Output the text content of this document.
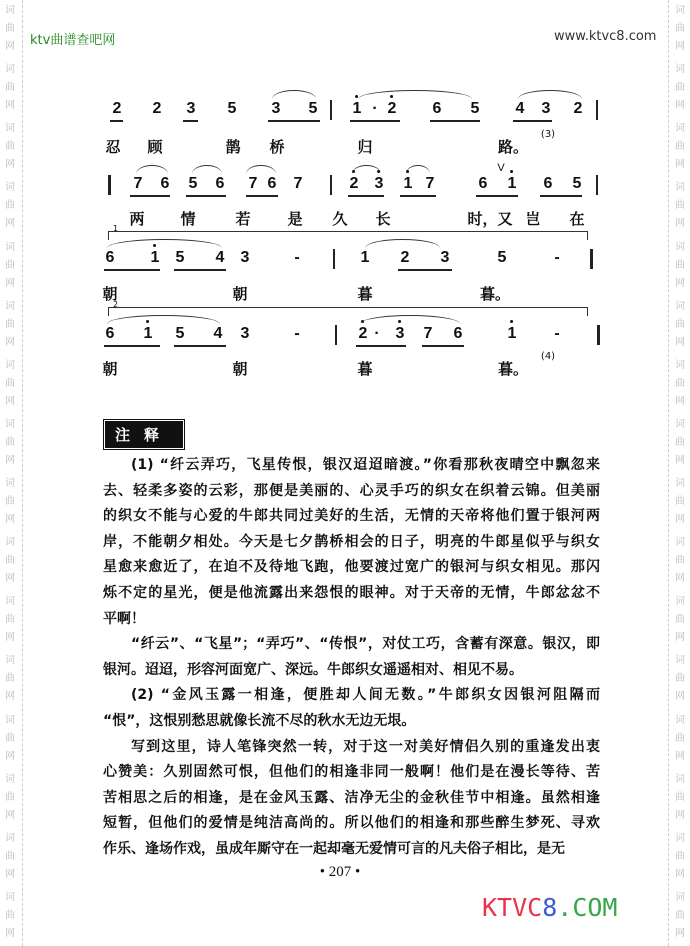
词
曲
网
词
曲
网
词
曲
网
词
曲
网
词
曲
网
词
曲
网
词
曲
网
词
曲
网
词
曲
网
词
曲
网
词
曲
网
词
曲
网
词
曲
网
词
曲
网
词
曲
网
词
曲
网
词
曲
网
词
曲
网
词
曲
网
词
曲
网
词
曲
网
词
曲
网
词
曲
网
词
曲
网
词
曲
网
词
曲
网
词
曲
网
词
曲
网
词
曲
网
词
曲
网
词
曲
网
词
曲
网
ktv曲谱查吧网	www.ktvc8.com
2 2 3 5 3 5 1 · 2 6 5 4 3 2
7 6 5 6 7 6 7	2 3 1 7	6 1 6 5
6 1 5 4 3	-	1 2 3	5	-
6 1 5 4 3	-	2 · 3 7 6	1 -
V
1
2
忍 顾	鹊 桥	归	路。
(3)
两 情	若 是 久 长	时，又 岂 在
朝	朝	暮	暮。
朝	朝	暮	暮。
(4)
注释
(1) “纤云弄巧，飞星传恨，银汉迢迢暗渡。”你看那秋夜晴空中飘忽来
去、轻柔多姿的云彩，那便是美丽的、心灵手巧的织女在织着云锦。但美丽
的织女不能与心爱的牛郎共同过美好的生活，无情的天帝将他们置于银河两
岸，不能朝夕相处。今天是七夕鹊桥相会的日子，明亮的牛郎星似乎与织女
星愈来愈近了，在迫不及待地飞跑，他要渡过宽广的银河与织女相见。那闪
烁不定的星光，便是他流露出来怨恨的眼神。对于天帝的无情，牛郎忿忿不
平啊！
“纤云”、“飞星”；“弄巧”、“传恨”，对仗工巧，含蓄有深意。银汉，即
银河。迢迢，形容河面宽广、深远。牛郎织女遥遥相对、相见不易。
(2) “金风玉露一相逢，便胜却人间无数。”牛郎织女因银河阻隔而
“恨”，这恨别愁思就像长流不尽的秋水无边无垠。
写到这里，诗人笔锋突然一转，对于这一对美好情侣久别的重逢发出衷
心赞美：久别固然可恨，但他们的相逢非同一般啊！他们是在漫长等待、苦
苦相思之后的相逢，是在金风玉露、洁净无尘的金秋佳节中相逢。虽然相逢
短暂，但他们的爱情是纯洁高尚的。所以他们的相逢和那些醉生梦死、寻欢
作乐、逢场作戏，虽成年厮守在一起却毫无爱情可言的凡夫俗子相比，是无
• 207 •
KTVC8.COM
